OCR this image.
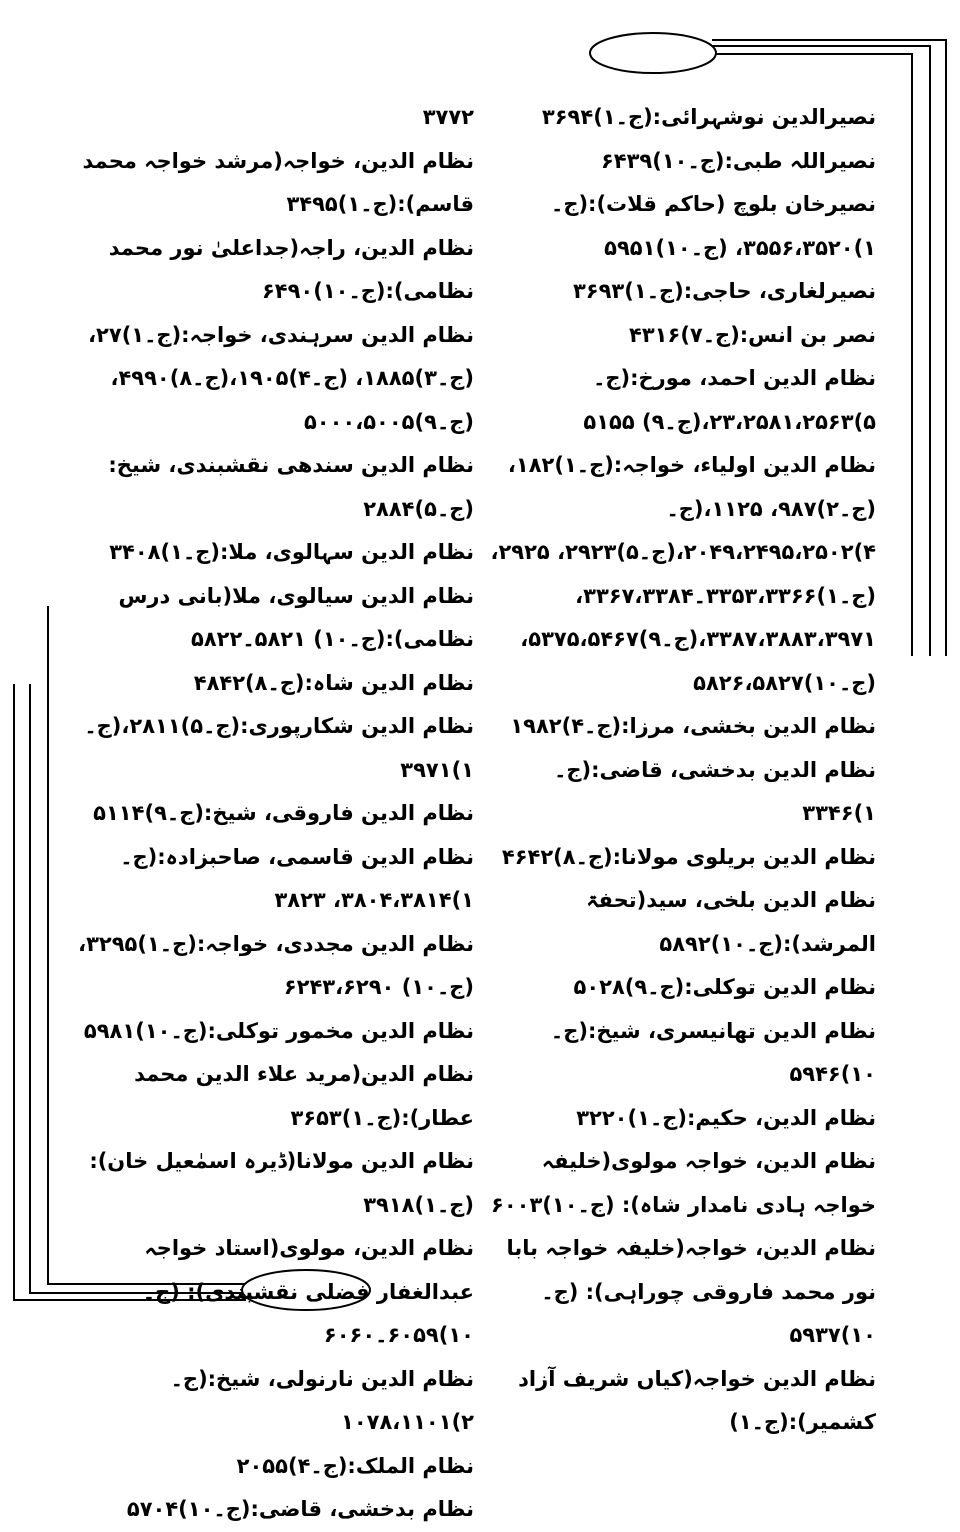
نصیرالدین نوشہرائی:(ج۔۱)۳۶۹۴

نصیراللہ طبی:(ج۔۱۰)۶۴۳۹

نصیرخان بلوچ (حاکم قلات):(ج۔۱)۳۵۵۶،۳۵۲۰، (ج۔۱۰)۵۹۵۱

نصیرلغاری، حاجی:(ج۔۱)۳۶۹۳

نصر بن انس:(ج۔۷)۴۳۱۶

نظام الدین احمد، مورخ:(ج۔۵)۲۳،۲۵۸۱،۲۵۶۳،(ج۔۹) ۵۱۵۵

نظام الدین اولیاء، خواجہ:(ج۔۱)۱۸۲،(ج۔۲)۹۸۷، ۱۱۲۵،(ج۔۴)۲۰۴۹،۲۴۹۵،۲۵۰۲،(ج۔۵)۲۹۲۳، ۲۹۲۵،(ج۔۱)۳۳۵۳،۳۳۶۶۔۳۳۶۷،۳۳۸۴، ۳۳۸۷،۳۸۸۳،۳۹۷۱،(ج۔۹)۵۳۷۵،۵۴۶۷، (ج۔۱۰)۵۸۲۶،۵۸۲۷

نظام الدین بخشی، مرزا:(ج۔۴)۱۹۸۲

نظام الدین بدخشی، قاضی:(ج۔۱)۳۳۴۶

نظام الدین بریلوی مولانا:(ج۔۸)۴۶۴۲

نظام الدین بلخی، سید(تحفۃ المرشد):(ج۔۱۰)۵۸۹۲

نظام الدین توکلی:(ج۔۹)۵۰۲۸

نظام الدین تھانیسری، شیخ:(ج۔۱۰)۵۹۴۶

نظام الدین، حکیم:(ج۔۱)۳۲۲۰

نظام الدین، خواجہ مولوی(خلیفہ خواجہ ہادی نامدار شاہ): (ج۔۱۰)۶۰۰۳

نظام الدین، خواجہ(خلیفہ خواجہ بابا نور محمد فاروقی چوراہی): (ج۔۱۰)۵۹۳۷

نظام الدین خواجہ(کیاں شریف آزاد کشمیر):(ج۔۱)

۳۷۷۲

نظام الدین، خواجہ(مرشد خواجہ محمد قاسم):(ج۔۱)۳۴۹۵

نظام الدین، راجہ(جداعلیٰ نور محمد نظامی):(ج۔۱۰)۶۴۹۰

نظام الدین سرہندی، خواجہ:(ج۔۱)۲۷،(ج۔۳)۱۸۸۵، (ج۔۴)۱۹۰۵،(ج۔۸)۴۹۹۰،(ج۔۹)۵۰۰۰،۵۰۰۵

نظام الدین سندھی نقشبندی، شیخ:(ج۔۵)۲۸۸۴

نظام الدین سہالوی، ملا:(ج۔۱)۳۴۰۸

نظام الدین سیالوی، ملا(بانی درس نظامی):(ج۔۱۰) ۵۸۲۱۔۵۸۲۲

نظام الدین شاہ:(ج۔۸)۴۸۴۲

نظام الدین شکارپوری:(ج۔۵)۲۸۱۱،(ج۔۱)۳۹۷۱

نظام الدین فاروقی، شیخ:(ج۔۹)۵۱۱۴

نظام الدین قاسمی، صاحبزادہ:(ج۔۱)۳۸۰۴،۳۸۱۴، ۳۸۲۳

نظام الدین مجددی، خواجہ:(ج۔۱)۳۲۹۵،(ج۔۱۰) ۶۲۴۳،۶۲۹۰

نظام الدین مخمور توکلی:(ج۔۱۰)۵۹۸۱

نظام الدین(مرید علاء الدین محمد عطار):(ج۔۱)۳۶۵۳

نظام الدین مولانا(ڈیرہ اسمٰعیل خان):(ج۔۱)۳۹۱۸

نظام الدین، مولوی(استاد خواجہ عبدالغفار فضلی نقشبندی): (ج۔۱۰)۶۰۵۹۔۶۰۶۰

نظام الدین نارنولی، شیخ:(ج۔۲)۱۰۷۸،۱۱۰۱

نظام الملک:(ج۔۴)۲۰۵۵

نظام بدخشی، قاضی:(ج۔۱۰)۵۷۰۴
